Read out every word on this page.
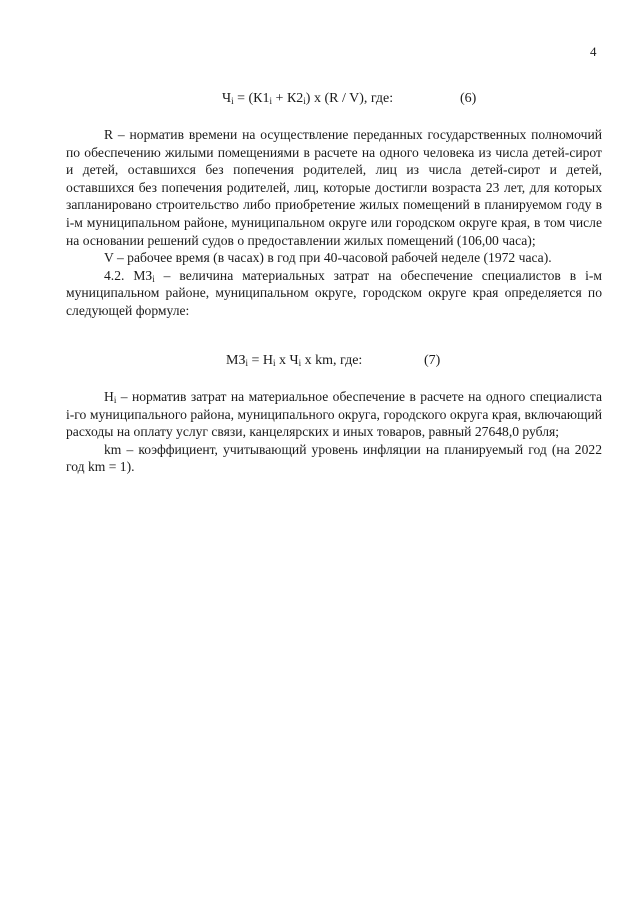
4
$Ч_i = (К1_i + К2_i)$ х (R / V), где:	(6)

R – норматив времени на осуществление переданных государственных полномочий по обеспечению жилыми помещениями в расчете на одного человека из числа детей-сирот и детей, оставшихся без попечения родителей, лиц из числа детей-сирот и детей, оставшихся без попечения родителей, лиц, которые достигли возраста 23 лет, для которых запланировано строительство либо приобретение жилых помещений в планируемом году в i-м муниципальном районе, муниципальном округе или городском округе края, в том числе на основании решений судов о предоставлении жилых помещений (106,00 часа);

V – рабочее время (в часах) в год при 40-часовой рабочей неделе (1972 часа).

4.2. $МЗ_i$ – величина материальных затрат на обеспечение специалистов в i-м муниципальном районе, муниципальном округе, городском округе края определяется по следующей формуле:

$МЗ_i = Н_i$ х $Ч_i$ х km, где:	(7)

$Н_i$ – норматив затрат на материальное обеспечение в расчете на одного специалиста i-го муниципального района, муниципального округа, городского округа края, включающий расходы на оплату услуг связи, канцелярских и иных товаров, равный 27648,0 рубля;

km – коэффициент, учитывающий уровень инфляции на планируемый год (на 2022 год km = 1).
